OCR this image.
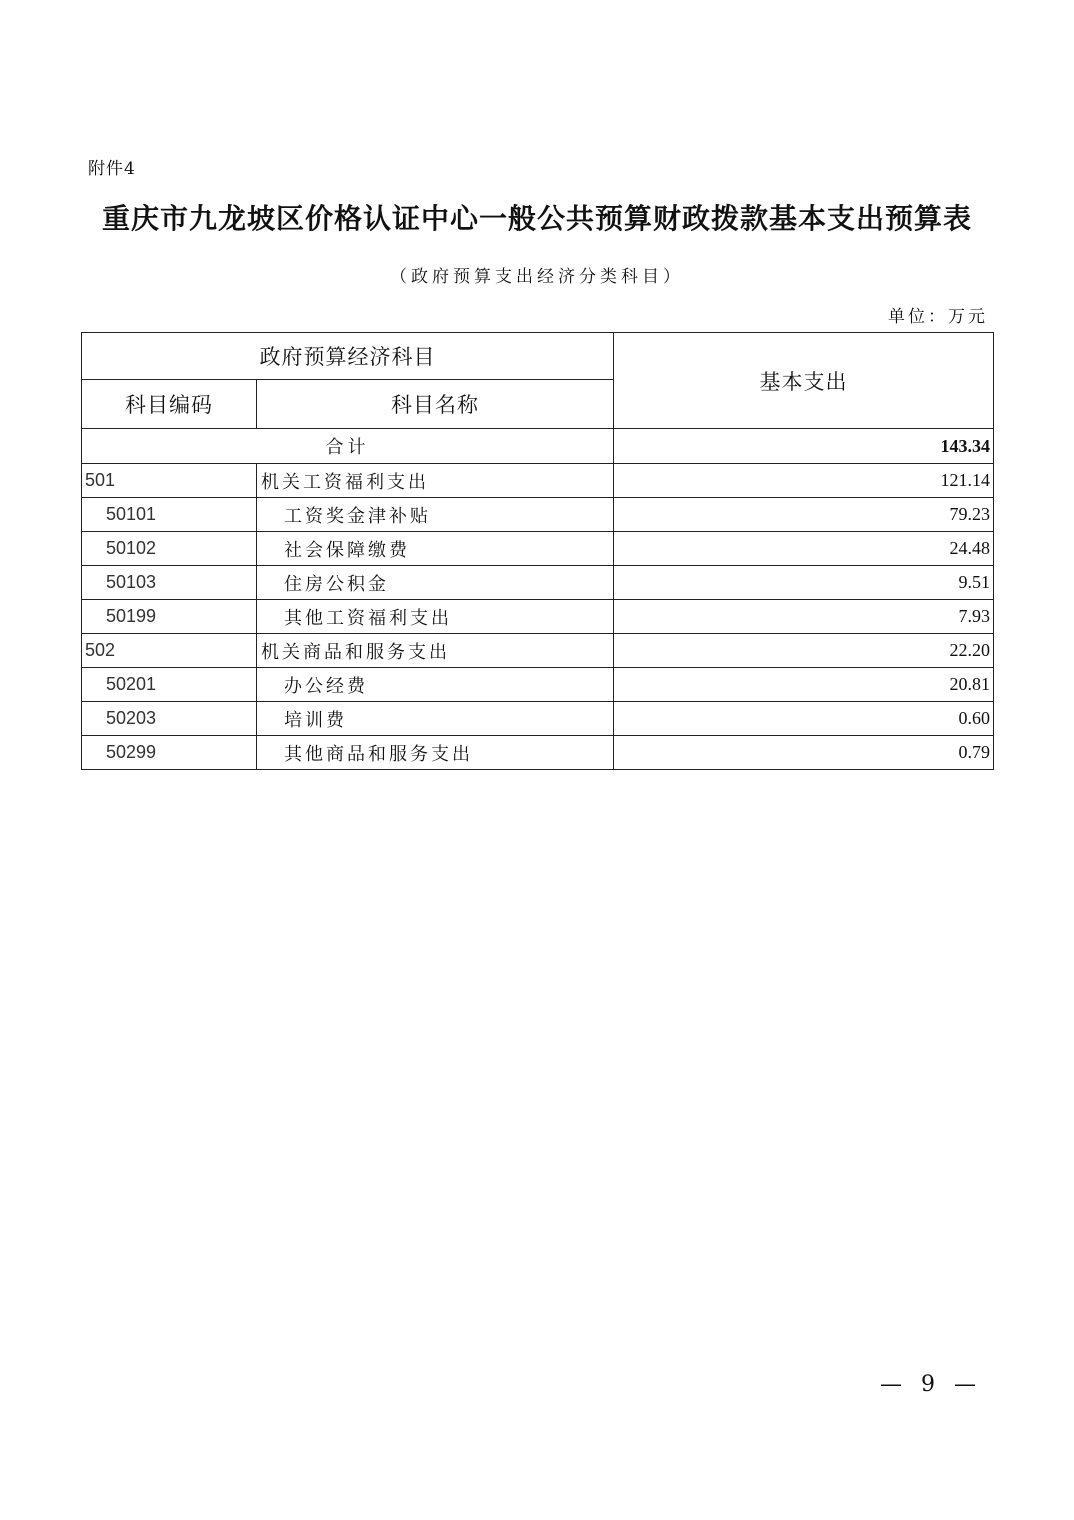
附件4
重庆市九龙坡区价格认证中心一般公共预算财政拨款基本支出预算表
（政府预算支出经济分类科目）
单位：万元
政府预算经济科目		基本支出
科目编码	科目名称	
合计		143.34
501	机关工资福利支出	121.14
50101	工资奖金津补贴	79.23
50102	社会保障缴费	24.48
50103	住房公积金	9.51
50199	其他工资福利支出	7.93
502	机关商品和服务支出	22.20
50201	办公经费	20.81
50203	培训费	0.60
50299	其他商品和服务支出	0.79
— 9 —
